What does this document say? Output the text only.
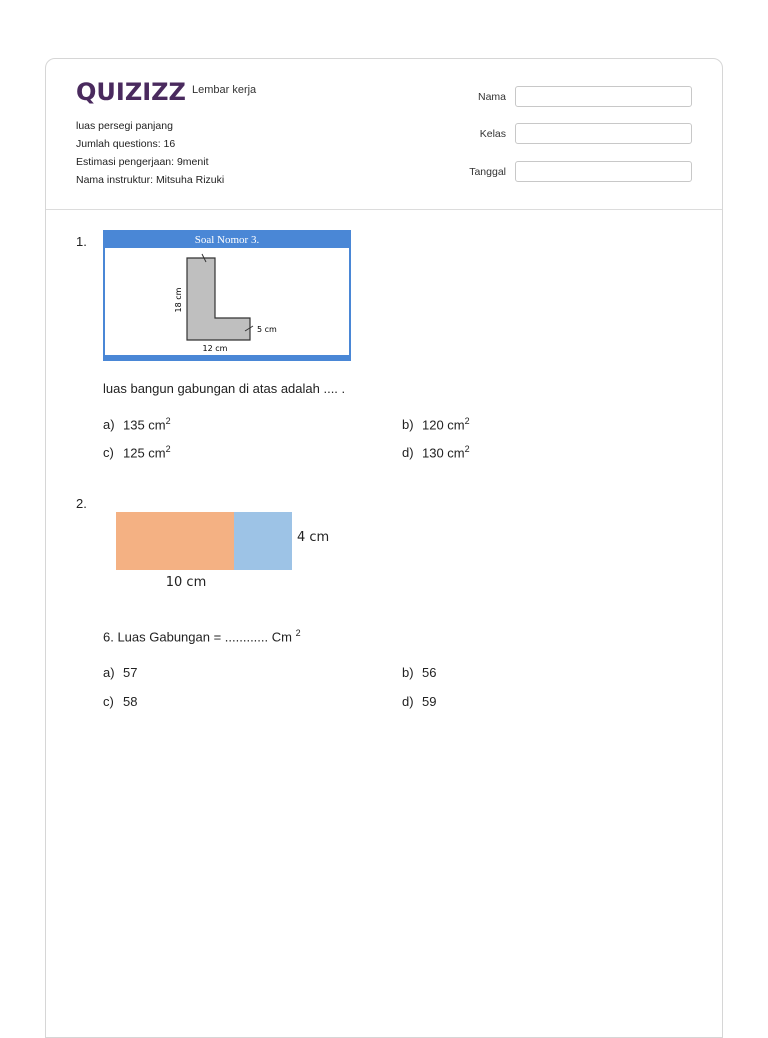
QUIZIZZ Lembar kerja
luas persegi panjang
Jumlah questions: 16
Estimasi pengerjaan: 9menit
Nama instruktur: Mitsuha Rizuki
Nama
Kelas
Tanggal
1.	Soal Nomor 3.
18 cm
5 cm
12 cm
luas bangun gabungan di atas adalah .... .
a) 135 $cm^2$	b) 120 $cm^2$
c) 125 $cm^2$	d) 130 $cm^2$
2.
4 cm
10 cm
6. Luas Gabungan = ............ Cm $^2$
a) 57	b) 56
c) 58	d) 59
